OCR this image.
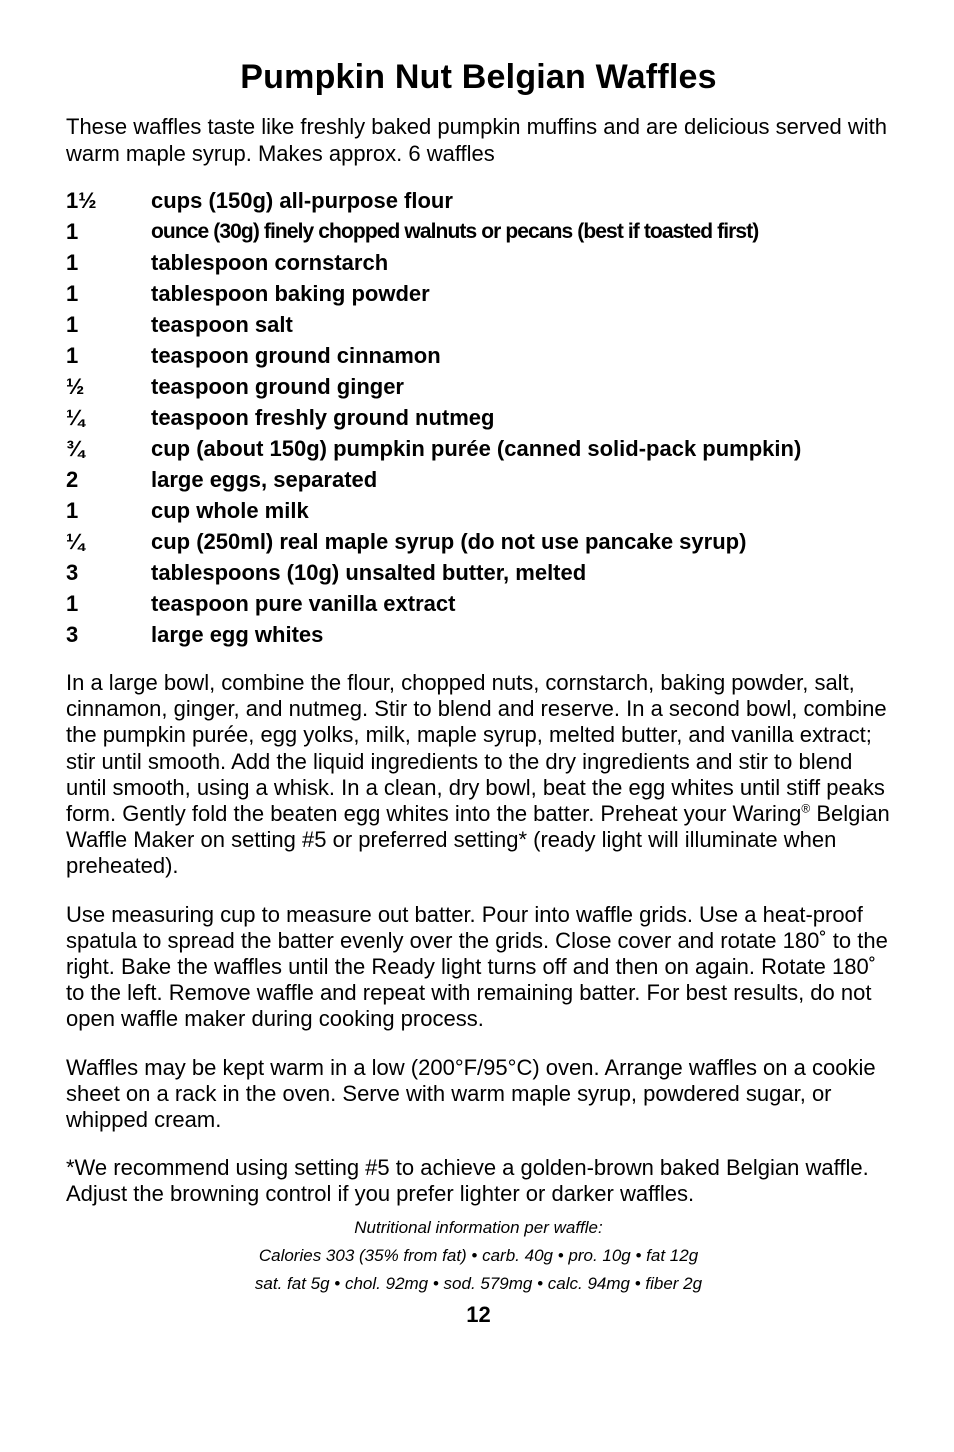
Pumpkin Nut Belgian Waffles

These waffles taste like freshly baked pumpkin muffins and are delicious served with warm maple syrup. Makes approx. 6 waffles

1½	cups (150g) all-purpose flour
1	ounce (30g) finely chopped walnuts or pecans (best if toasted first)
1	tablespoon cornstarch
1	tablespoon baking powder
1	teaspoon salt
1	teaspoon ground cinnamon
½	teaspoon ground ginger
¼	teaspoon freshly ground nutmeg
¾	cup (about 150g) pumpkin purée (canned solid-pack pumpkin)
2	large eggs, separated
1	cup whole milk
¼	cup (250ml) real maple syrup (do not use pancake syrup)
3	tablespoons (10g) unsalted butter, melted
1	teaspoon pure vanilla extract
3	large egg whites

In a large bowl, combine the flour, chopped nuts, cornstarch, baking powder, salt, cinnamon, ginger, and nutmeg. Stir to blend and reserve. In a second bowl, combine the pumpkin purée, egg yolks, milk, maple syrup, melted butter, and vanilla extract; stir until smooth. Add the liquid ingredients to the dry ingredients and stir to blend until smooth, using a whisk. In a clean, dry bowl, beat the egg whites until stiff peaks form. Gently fold the beaten egg whites into the batter. Preheat your Waring® Belgian Waffle Maker on setting #5 or preferred setting* (ready light will illuminate when preheated).

Use measuring cup to measure out batter. Pour into waffle grids. Use a heat-proof spatula to spread the batter evenly over the grids. Close cover and rotate 180˚ to the right. Bake the waffles until the Ready light turns off and then on again. Rotate 180˚ to the left. Remove waffle and repeat with remaining batter. For best results, do not open waffle maker during cooking process.

Waffles may be kept warm in a low (200°F/95°C) oven. Arrange waffles on a cookie sheet on a rack in the oven. Serve with warm maple syrup, powdered sugar, or whipped cream.

*We recommend using setting #5 to achieve a golden-brown baked Belgian waffle. Adjust the browning control if you prefer lighter or darker waffles.

Nutritional information per waffle:
Calories 303 (35% from fat) • carb. 40g • pro. 10g • fat 12g
sat. fat 5g • chol. 92mg • sod. 579mg • calc. 94mg • fiber 2g
12
